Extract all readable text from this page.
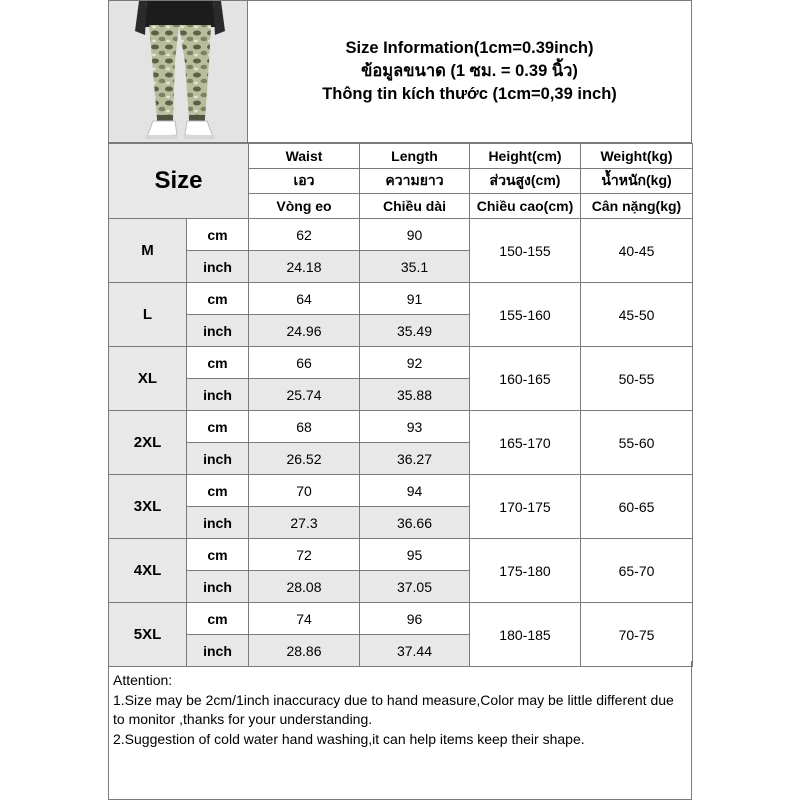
Size Information(1cm=0.39inch)
ข้อมูลขนาด (1 ซม. = 0.39 นิ้ว)
Thông tin kích thước (1cm=0,39 inch)
Size		Waist	Length	Height(cm)	Weight(kg)
		เอว	ความยาว	ส่วนสูง(cm)	น้ำหนัก(kg)
		Vòng eo	Chiều dài	Chiều cao(cm)	Cân nặng(kg)
M	cm	62	90	150-155	40-45
	inch	24.18	35.1		
L	cm	64	91	155-160	45-50
	inch	24.96	35.49		
XL	cm	66	92	160-165	50-55
	inch	25.74	35.88		
2XL	cm	68	93	165-170	55-60
	inch	26.52	36.27		
3XL	cm	70	94	170-175	60-65
	inch	27.3	36.66		
4XL	cm	72	95	175-180	65-70
	inch	28.08	37.05		
5XL	cm	74	96	180-185	70-75
	inch	28.86	37.44		
Attention:
1.Size may be 2cm/1inch inaccuracy due to hand measure,Color may be little different due to monitor ,thanks for your understanding.
2.Suggestion of cold water hand washing,it can help items keep their shape.
